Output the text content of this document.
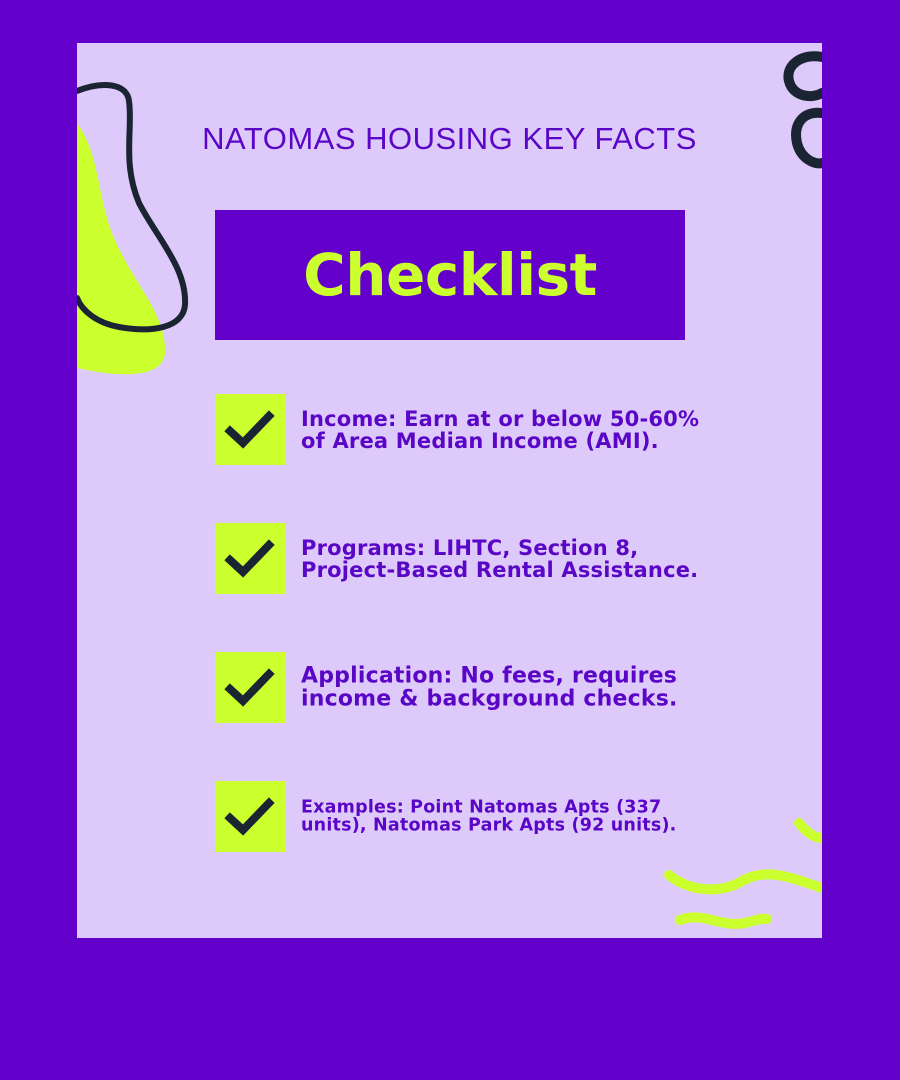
NATOMAS HOUSING KEY FACTS
Checklist
Income: Earn at or below 50-60%
of Area Median Income (AMI).
Programs: LIHTC, Section 8,
Project-Based Rental Assistance.
Application: No fees, requires
income & background checks.
Examples: Point Natomas Apts (337
units), Natomas Park Apts (92 units).
